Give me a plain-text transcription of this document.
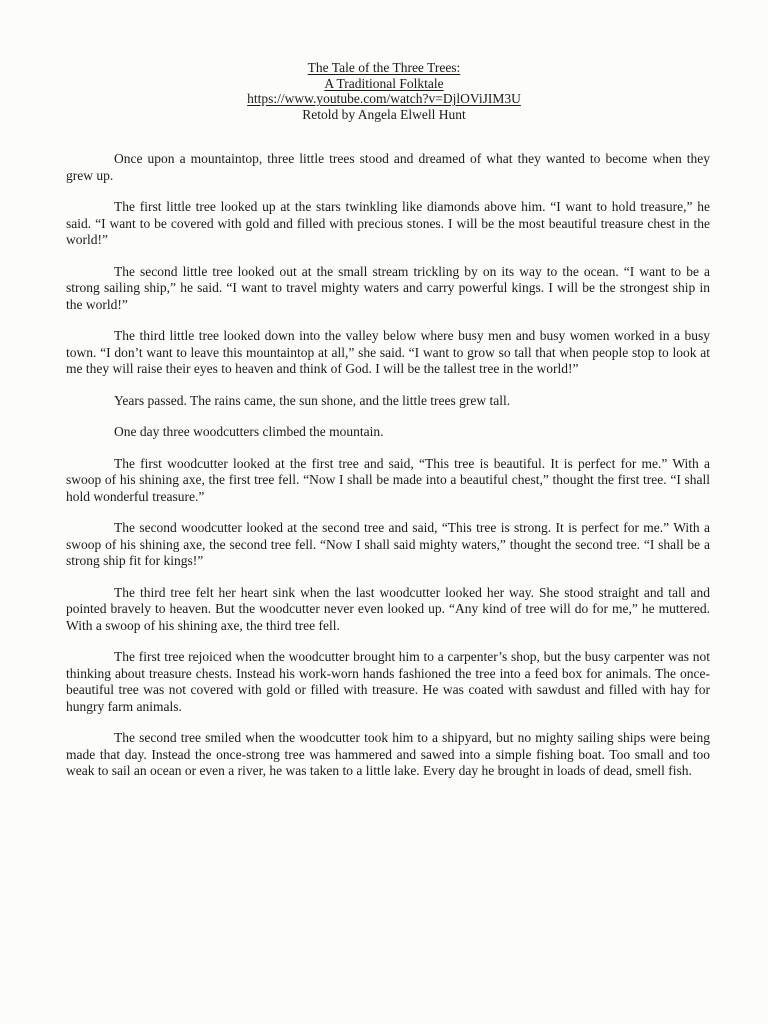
The Tale of the Three Trees:
A Traditional Folktale
https://www.youtube.com/watch?v=DjlOViJIM3U
Retold by Angela Elwell Hunt

Once upon a mountaintop, three little trees stood and dreamed of what they wanted to become when they grew up.

The first little tree looked up at the stars twinkling like diamonds above him. “I want to hold treasure,” he said. “I want to be covered with gold and filled with precious stones. I will be the most beautiful treasure chest in the world!”

The second little tree looked out at the small stream trickling by on its way to the ocean. “I want to be a strong sailing ship,” he said. “I want to travel mighty waters and carry powerful kings. I will be the strongest ship in the world!”

The third little tree looked down into the valley below where busy men and busy women worked in a busy town. “I don’t want to leave this mountaintop at all,” she said. “I want to grow so tall that when people stop to look at me they will raise their eyes to heaven and think of God. I will be the tallest tree in the world!”

Years passed. The rains came, the sun shone, and the little trees grew tall.

One day three woodcutters climbed the mountain.

The first woodcutter looked at the first tree and said, “This tree is beautiful. It is perfect for me.” With a swoop of his shining axe, the first tree fell. “Now I shall be made into a beautiful chest,” thought the first tree. “I shall hold wonderful treasure.”

The second woodcutter looked at the second tree and said, “This tree is strong. It is perfect for me.” With a swoop of his shining axe, the second tree fell. “Now I shall said mighty waters,” thought the second tree. “I shall be a strong ship fit for kings!”

The third tree felt her heart sink when the last woodcutter looked her way. She stood straight and tall and pointed bravely to heaven. But the woodcutter never even looked up. “Any kind of tree will do for me,” he muttered. With a swoop of his shining axe, the third tree fell.

The first tree rejoiced when the woodcutter brought him to a carpenter’s shop, but the busy carpenter was not thinking about treasure chests. Instead his work-worn hands fashioned the tree into a feed box for animals. The once-beautiful tree was not covered with gold or filled with treasure. He was coated with sawdust and filled with hay for hungry farm animals.

The second tree smiled when the woodcutter took him to a shipyard, but no mighty sailing ships were being made that day. Instead the once-strong tree was hammered and sawed into a simple fishing boat. Too small and too weak to sail an ocean or even a river, he was taken to a little lake. Every day he brought in loads of dead, smell fish.
